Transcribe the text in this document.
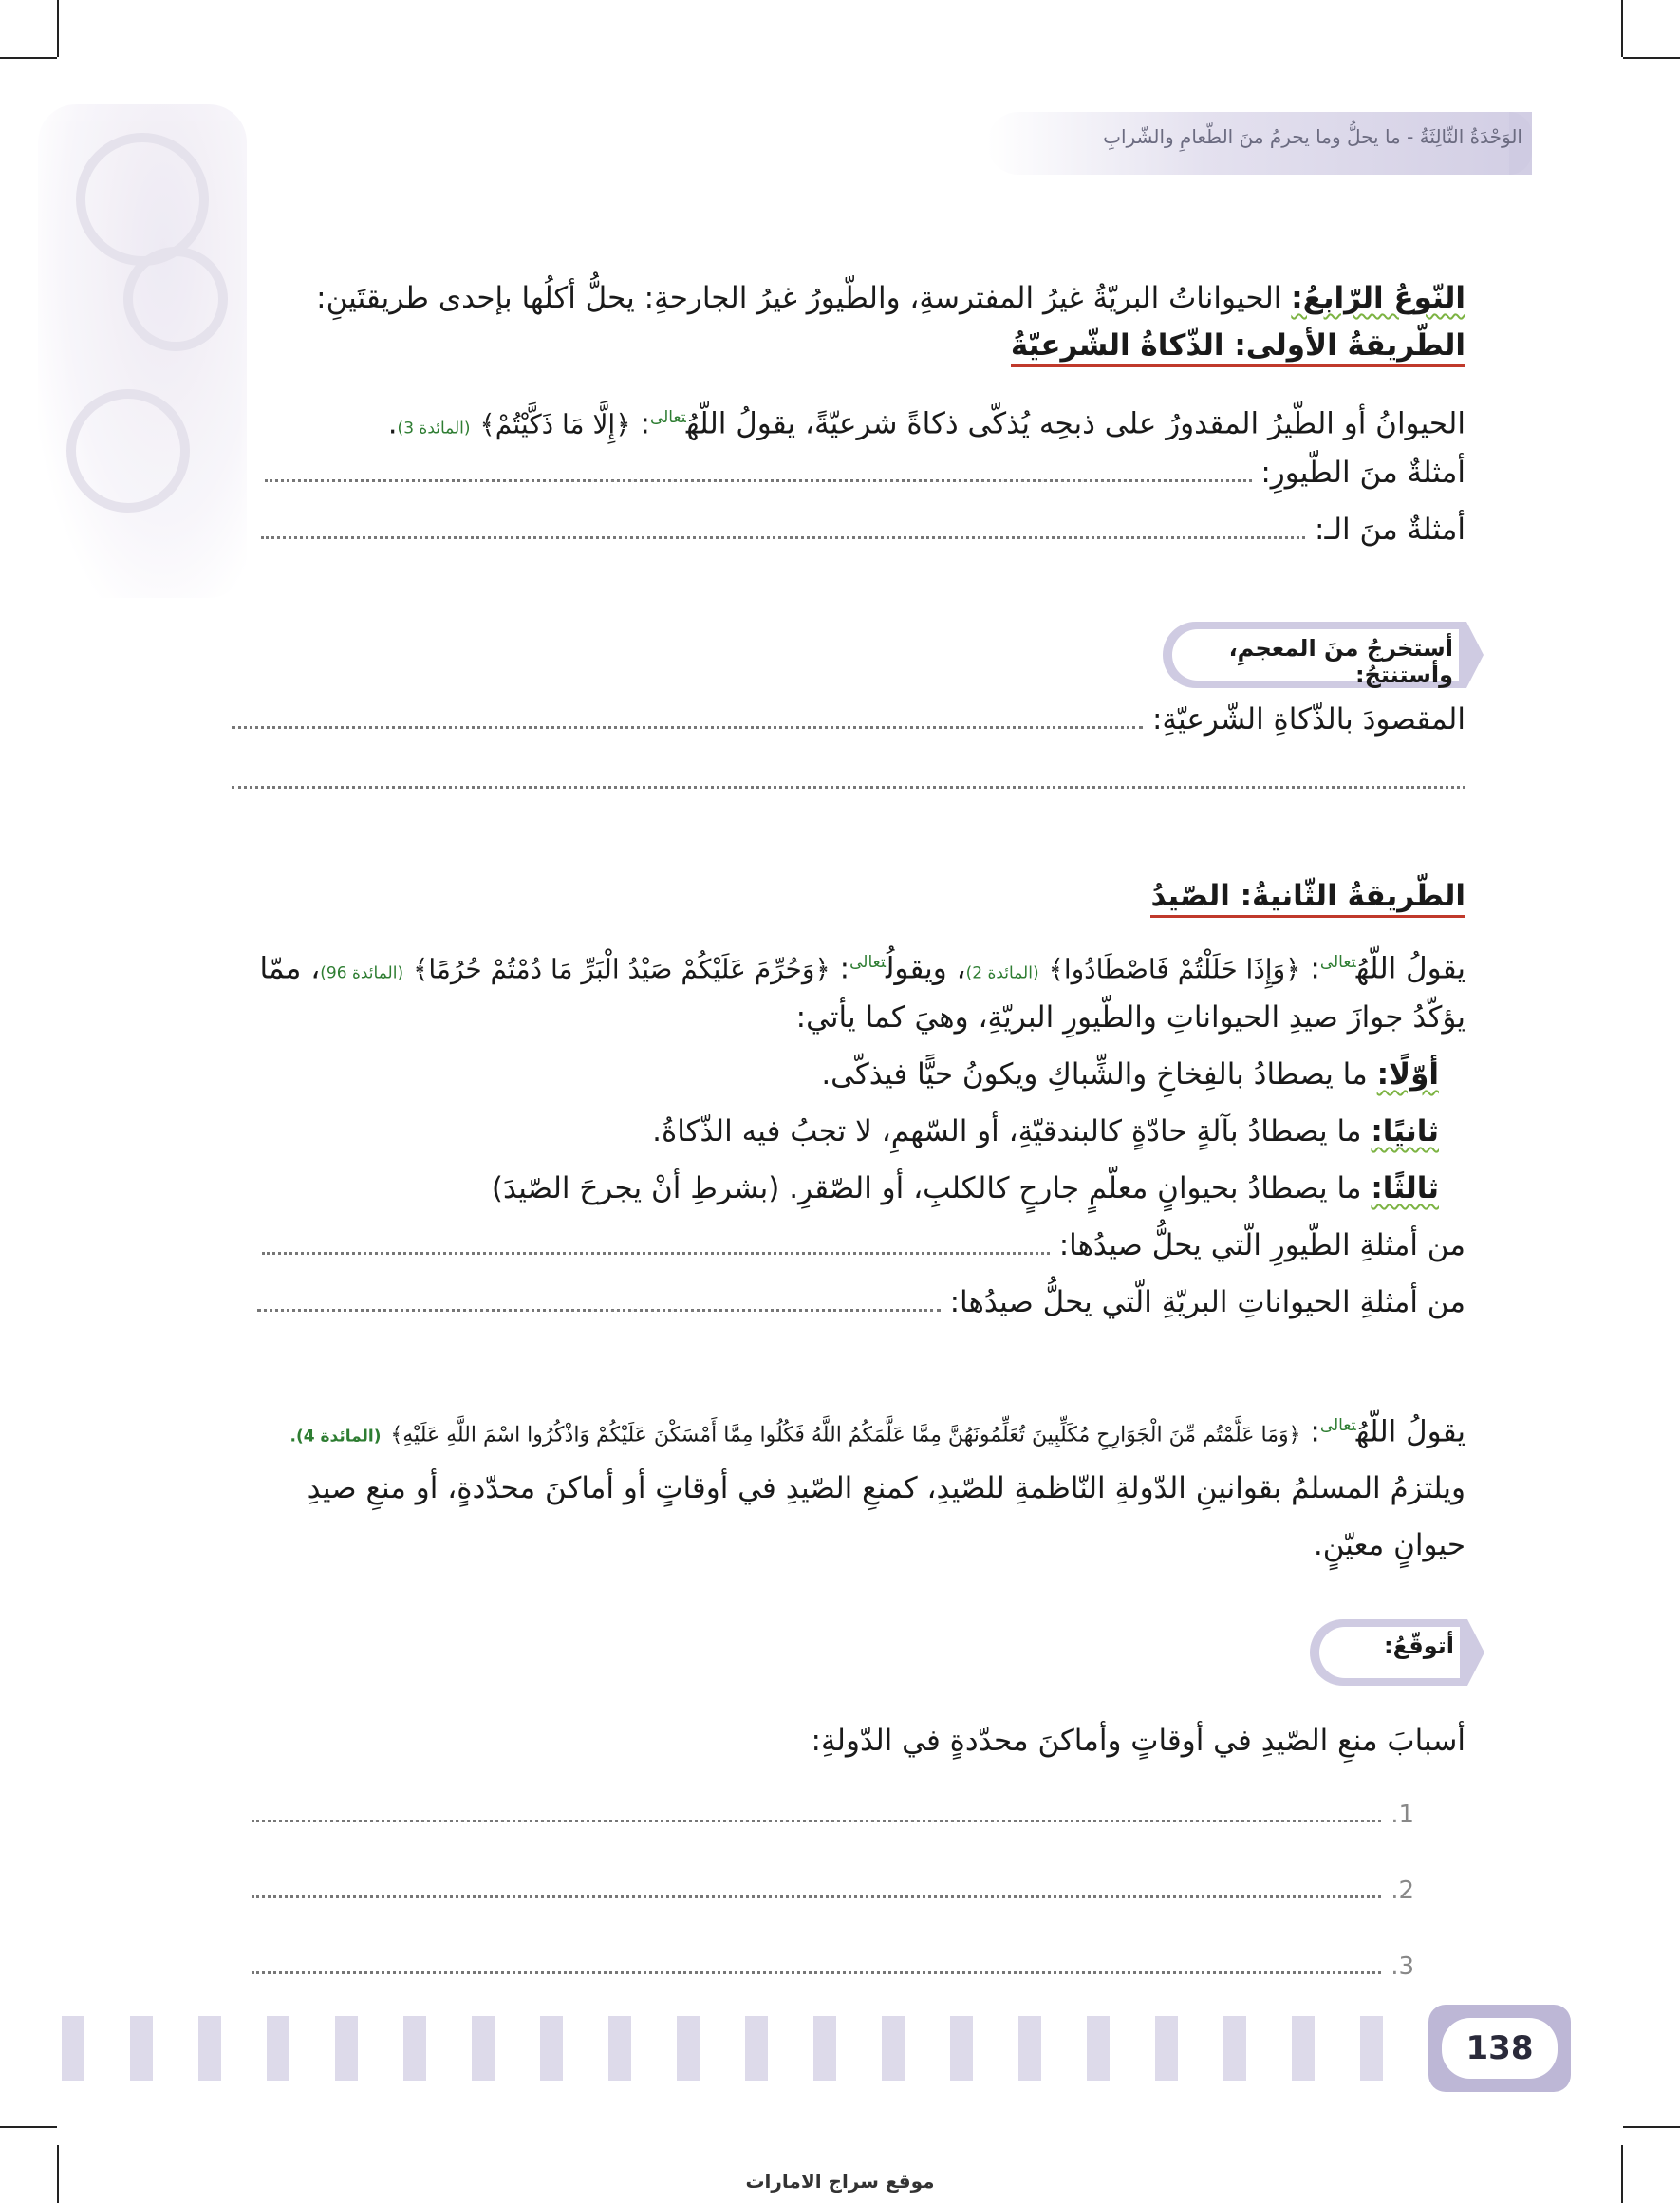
الوَحْدَةُ الثّالِثَةُ - ما يحلُّ وما يحرمُ منَ الطّعامِ والشّرابِ
النّوعُ الرّابعُ: الحيواناتُ البريّةُ غيرُ المفترسةِ، والطّيورُ غيرُ الجارحةِ: يحلُّ أكلُها بإحدى طريقتَينِ:
الطّريقةُ الأولى: الذّكاةُ الشّرعيّةُ
الحيوانُ أو الطّيرُ المقدورُ على ذبحِه يُذكّى ذكاةً شرعيّةً، يقولُ اللّهُ$^{تعالى}$: ﴿إِلَّا مَا ذَكَّيْتُمْ﴾ (المائدة 3).
أمثلةٌ منَ الطّيورِ:
أمثلةٌ منَ الـ:
أستخرجُ منَ المعجمِ، وأستنتجُ:
المقصودَ بالذّكاةِ الشّرعيّةِ:
الطّريقةُ الثّانيةُ: الصّيدُ
يقولُ اللّهُ$^{تعالى}$: ﴿وَإِذَا حَلَلْتُمْ فَاصْطَادُوا﴾ (المائدة 2)، ويقولُ$^{تعالى}$: ﴿وَحُرِّمَ عَلَيْكُمْ صَيْدُ الْبَرِّ مَا دُمْتُمْ حُرُمًا﴾ (المائدة 96)، ممّا
يؤكّدُ جوازَ صيدِ الحيواناتِ والطّيورِ البريّةِ، وهيَ كما يأتي:
أوّلًا: ما يصطادُ بالفِخاخِ والشِّباكِ ويكونُ حيًّا فيذكّى.
ثانيًا: ما يصطادُ بآلةٍ حادّةٍ كالبندقيّةِ، أو السّهمِ، لا تجبُ فيه الذّكاةُ.
ثالثًا: ما يصطادُ بحيوانٍ معلّمٍ جارحٍ كالكلبِ، أو الصّقرِ. (بشرطِ أنْ يجرحَ الصّيدَ)
من أمثلةِ الطّيورِ الّتي يحلُّ صيدُها:
من أمثلةِ الحيواناتِ البريّةِ الّتي يحلُّ صيدُها:
يقولُ اللّهُ$^{تعالى}$: ﴿وَمَا عَلَّمْتُم مِّنَ الْجَوَارِحِ مُكَلِّبِينَ تُعَلِّمُونَهُنَّ مِمَّا عَلَّمَكُمُ اللَّهُ فَكُلُوا مِمَّا أَمْسَكْنَ عَلَيْكُمْ وَاذْكُرُوا اسْمَ اللَّهِ عَلَيْهِ﴾ (المائدة 4).
ويلتزمُ المسلمُ بقوانينِ الدّولةِ النّاظمةِ للصّيدِ، كمنعِ الصّيدِ في أوقاتٍ أو أماكنَ محدّدةٍ، أو منعِ صيدِ
حيوانٍ معيّنٍ.
أتوقّعُ:
أسبابَ منعِ الصّيدِ في أوقاتٍ وأماكنَ محدّدةٍ في الدّولةِ:
1.
2.
3.
138
موقع سراج الامارات
